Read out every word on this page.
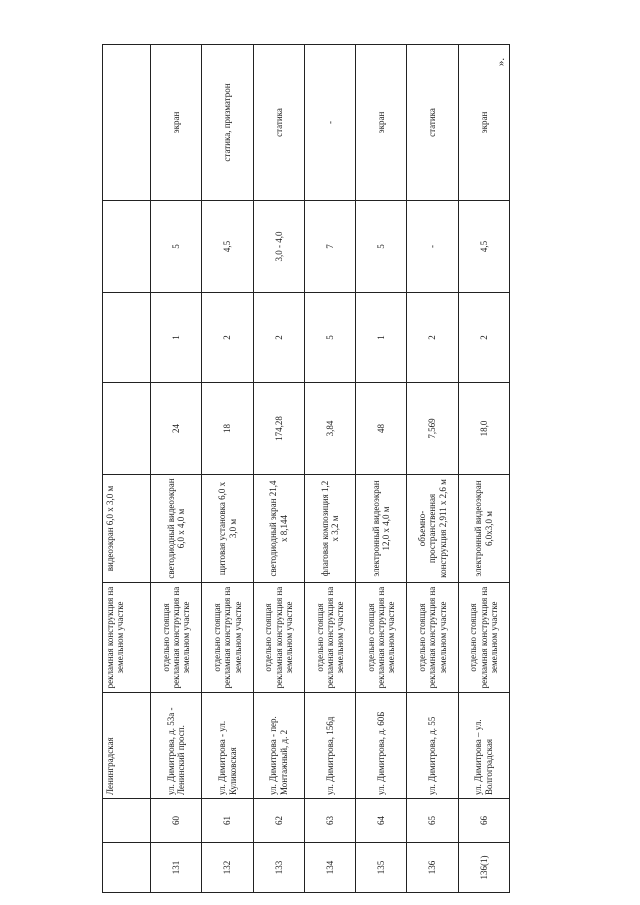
		Ленинградская	рекламная конструкция на земельном участке	видеоэкран 6,0 х 3,0 м				
131	60	ул. Димитрова, д. 53а - Ленинский просп.	отдельно стоящая рекламная конструкция на земельном участке	светодиодный видеоэкран 6,0 х 4,0 м	24	1	5	экран
132	61	ул. Димитрова - ул. Куликовская	отдельно стоящая рекламная конструкция на земельном участке	щитовая установка 6,0 х 3,0 м	18	2	4,5	статика, призматрон
133	62	ул. Димитрова - пер. Монтажный, д. 2	отдельно стоящая рекламная конструкция на земельном участке	светодиодный экран 21,4 х 8,144	174,28	2	3,0 - 4,0	статика
134	63	ул. Димитрова, 156д	отдельно стоящая рекламная конструкция на земельном участке	флаговая композиция 1,2 х 3,2 м	3,84	5	7	-
135	64	ул. Димитрова, д. 60Б	отдельно стоящая рекламная конструкция на земельном участке	электронный видеоэкран 12,0 х 4,0 м	48	1	5	экран
136	65	ул. Димитрова, д. 55	отдельно стоящая рекламная конструкция на земельном участке	объемно-пространственная конструкция 2,911 х 2,6 м	7,569	2	-	статика
136(1)	66	ул. Димитрова – ул. Волгоградская	отдельно стоящая рекламная конструкция на земельном участке	электронный видеоэкран 6,0х3,0 м	18,0	2	4,5	экран
».
